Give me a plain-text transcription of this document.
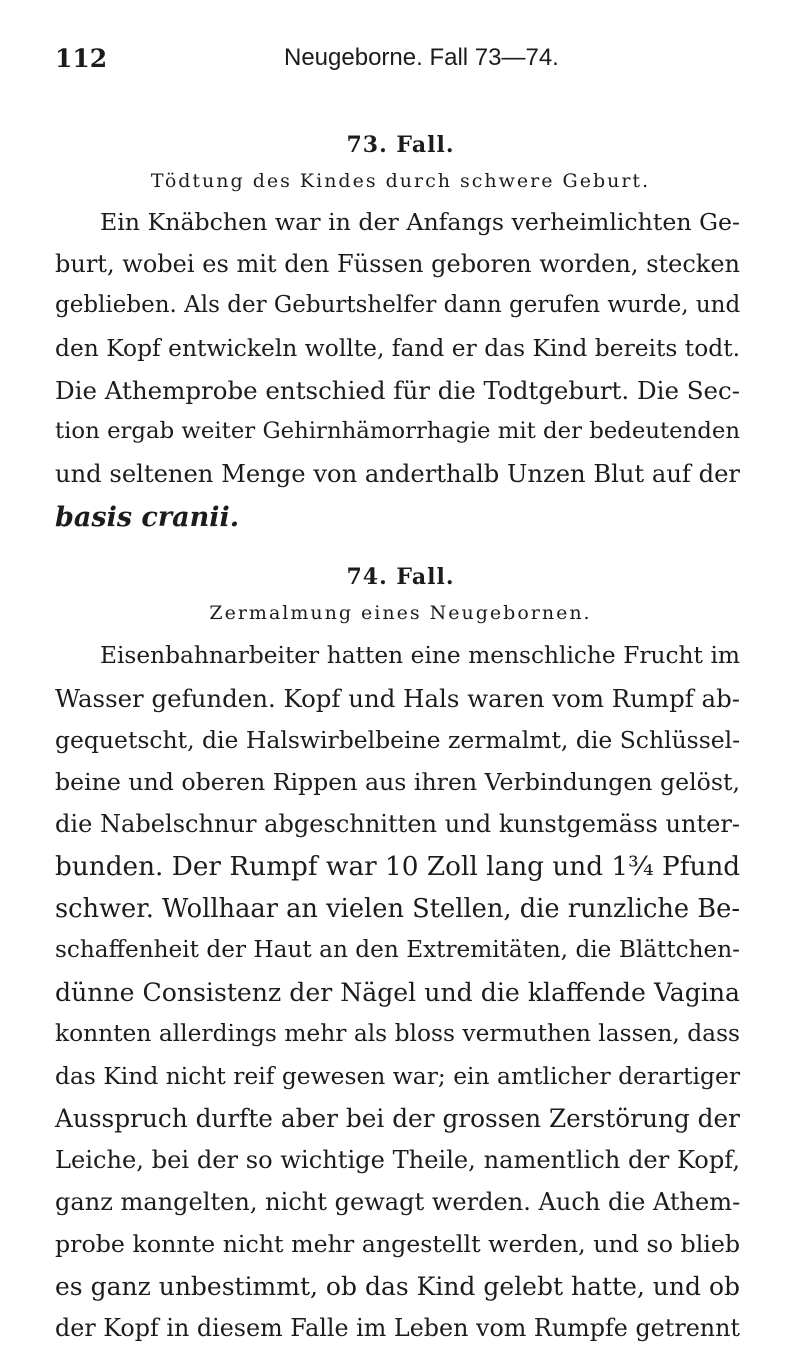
112	Neugeborne. Fall 73—74.
73. Fall.
Tödtung des Kindes durch schwere Geburt.
Ein Knäbchen war in der Anfangs verheimlichten Ge-
burt, wobei es mit den Füssen geboren worden, stecken
geblieben. Als der Geburtshelfer dann gerufen wurde, und
den Kopf entwickeln wollte, fand er das Kind bereits todt.
Die Athemprobe entschied für die Todtgeburt. Die Sec-
tion ergab weiter Gehirnhämorrhagie mit der bedeutenden
und seltenen Menge von anderthalb Unzen Blut auf der
basis cranii.
74. Fall.
Zermalmung eines Neugebornen.
Eisenbahnarbeiter hatten eine menschliche Frucht im
Wasser gefunden. Kopf und Hals waren vom Rumpf ab-
gequetscht, die Halswirbelbeine zermalmt, die Schlüssel-
beine und oberen Rippen aus ihren Verbindungen gelöst,
die Nabelschnur abgeschnitten und kunstgemäss unter-
bunden. Der Rumpf war 10 Zoll lang und 1¾ Pfund
schwer. Wollhaar an vielen Stellen, die runzliche Be-
schaffenheit der Haut an den Extremitäten, die Blättchen-
dünne Consistenz der Nägel und die klaffende Vagina
konnten allerdings mehr als bloss vermuthen lassen, dass
das Kind nicht reif gewesen war; ein amtlicher derartiger
Ausspruch durfte aber bei der grossen Zerstörung der
Leiche, bei der so wichtige Theile, namentlich der Kopf,
ganz mangelten, nicht gewagt werden. Auch die Athem-
probe konnte nicht mehr angestellt werden, und so blieb
es ganz unbestimmt, ob das Kind gelebt hatte, und ob
der Kopf in diesem Falle im Leben vom Rumpfe getrennt
